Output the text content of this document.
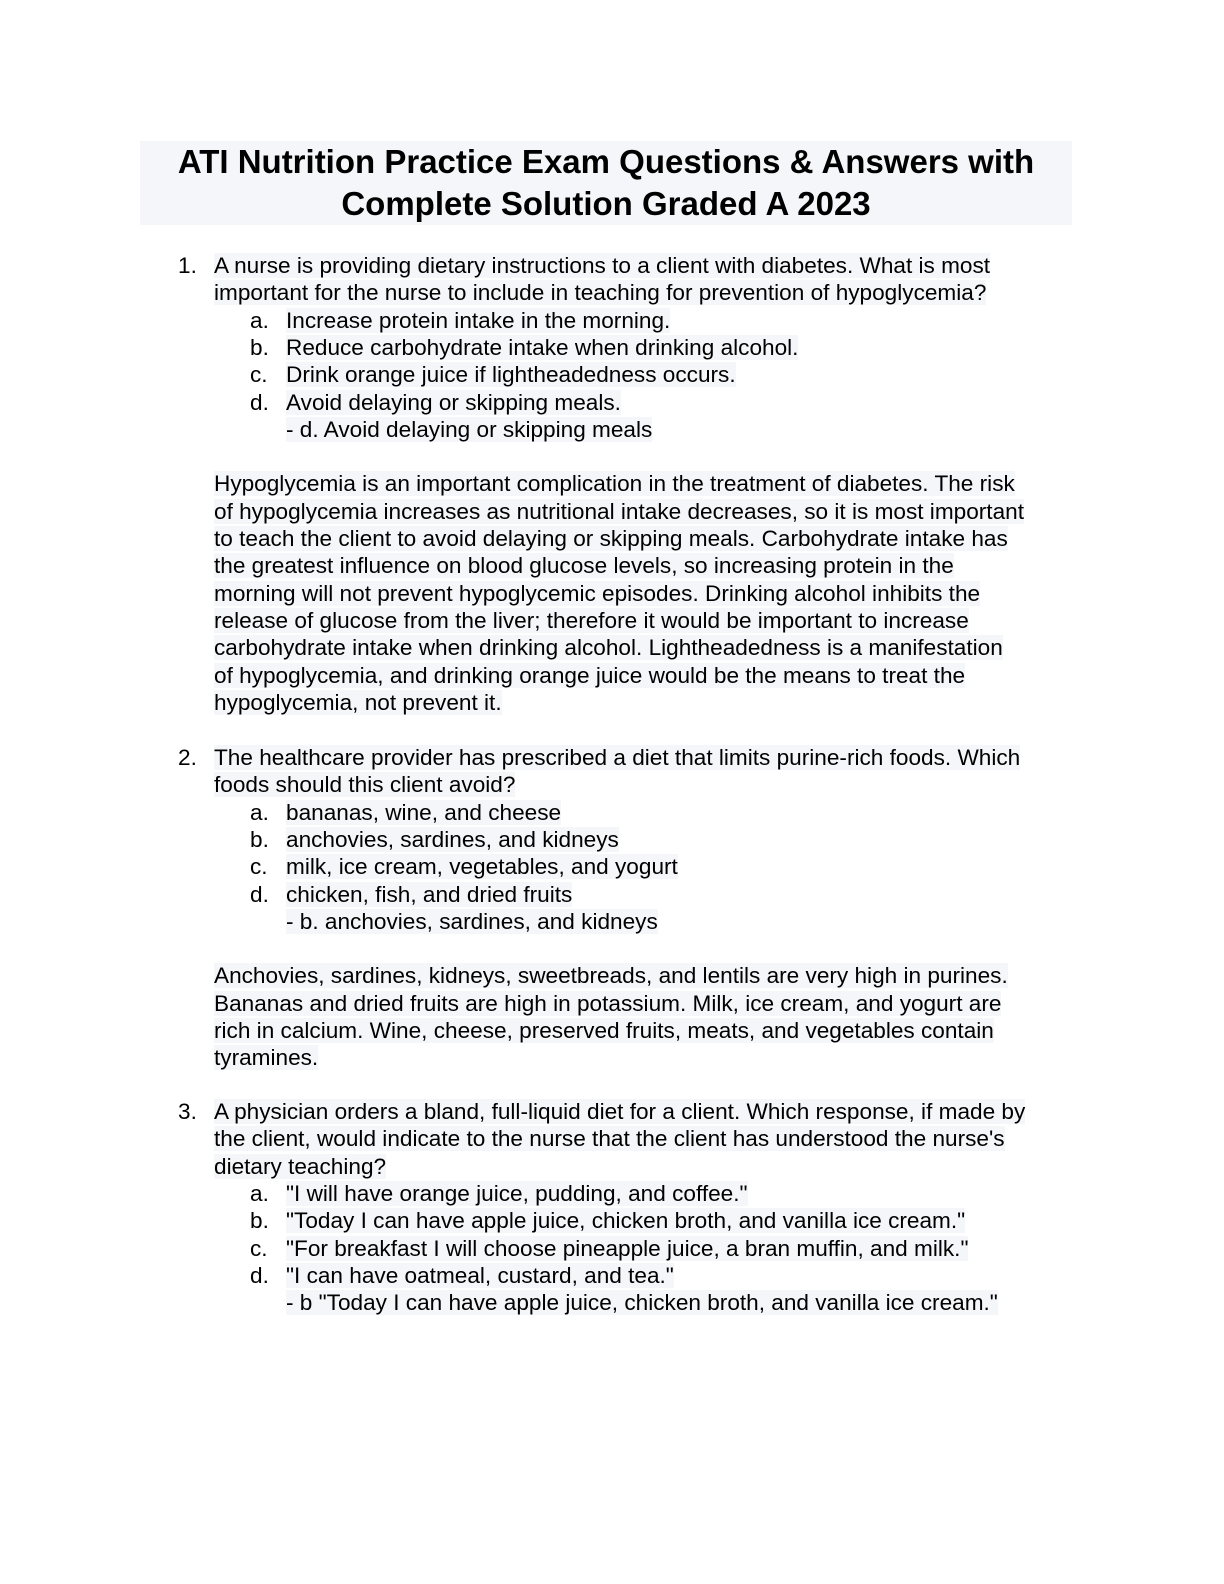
ATI Nutrition Practice Exam Questions & Answers with
Complete Solution Graded A 2023
1. A nurse is providing dietary instructions to a client with diabetes. What is most
important for the nurse to include in teaching for prevention of hypoglycemia?
a. Increase protein intake in the morning.
b. Reduce carbohydrate intake when drinking alcohol.
c. Drink orange juice if lightheadedness occurs.
d. Avoid delaying or skipping meals.
- d. Avoid delaying or skipping meals
Hypoglycemia is an important complication in the treatment of diabetes. The risk
of hypoglycemia increases as nutritional intake decreases, so it is most important
to teach the client to avoid delaying or skipping meals. Carbohydrate intake has
the greatest influence on blood glucose levels, so increasing protein in the
morning will not prevent hypoglycemic episodes. Drinking alcohol inhibits the
release of glucose from the liver; therefore it would be important to increase
carbohydrate intake when drinking alcohol. Lightheadedness is a manifestation
of hypoglycemia, and drinking orange juice would be the means to treat the
hypoglycemia, not prevent it.
2. The healthcare provider has prescribed a diet that limits purine-rich foods. Which
foods should this client avoid?
a. bananas, wine, and cheese
b. anchovies, sardines, and kidneys
c. milk, ice cream, vegetables, and yogurt
d. chicken, fish, and dried fruits
- b. anchovies, sardines, and kidneys
Anchovies, sardines, kidneys, sweetbreads, and lentils are very high in purines.
Bananas and dried fruits are high in potassium. Milk, ice cream, and yogurt are
rich in calcium. Wine, cheese, preserved fruits, meats, and vegetables contain
tyramines.
3. A physician orders a bland, full-liquid diet for a client. Which response, if made by
the client, would indicate to the nurse that the client has understood the nurse's
dietary teaching?
a. "I will have orange juice, pudding, and coffee."
b. "Today I can have apple juice, chicken broth, and vanilla ice cream."
c. "For breakfast I will choose pineapple juice, a bran muffin, and milk."
d. "I can have oatmeal, custard, and tea."
- b "Today I can have apple juice, chicken broth, and vanilla ice cream."
